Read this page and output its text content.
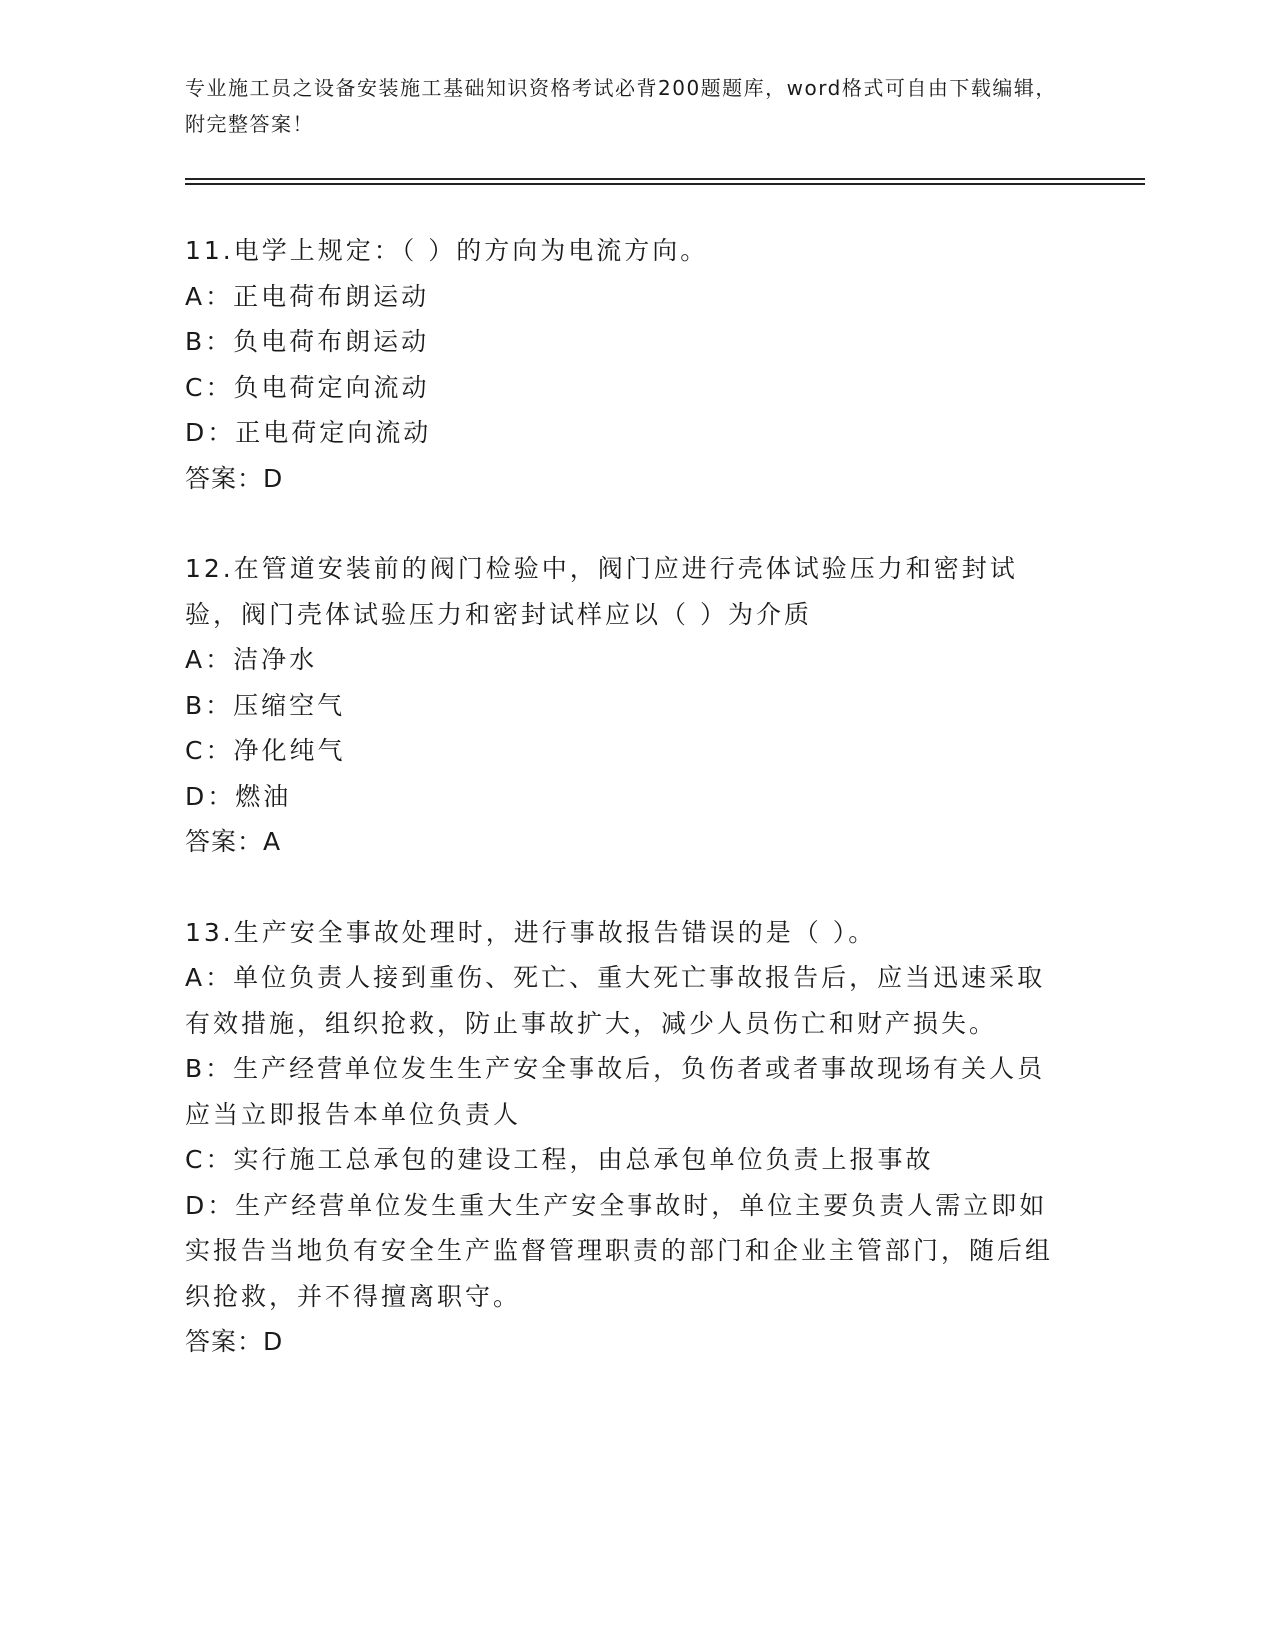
专业施工员之设备安装施工基础知识资格考试必背200题题库，word格式可自由下载编辑，附完整答案！

11.电学上规定：（ ）的方向为电流方向。

A：正电荷布朗运动

B：负电荷布朗运动

C：负电荷定向流动

D：正电荷定向流动

答案：D

12.在管道安装前的阀门检验中，阀门应进行壳体试验压力和密封试验，阀门壳体试验压力和密封试样应以（ ）为介质

A：洁净水

B：压缩空气

C：净化纯气

D：燃油

答案：A

13.生产安全事故处理时，进行事故报告错误的是（ ）。

A：单位负责人接到重伤、死亡、重大死亡事故报告后，应当迅速采取有效措施，组织抢救，防止事故扩大，减少人员伤亡和财产损失。

B：生产经营单位发生生产安全事故后，负伤者或者事故现场有关人员应当立即报告本单位负责人

C：实行施工总承包的建设工程，由总承包单位负责上报事故

D：生产经营单位发生重大生产安全事故时，单位主要负责人需立即如实报告当地负有安全生产监督管理职责的部门和企业主管部门，随后组织抢救，并不得擅离职守。

答案：D
